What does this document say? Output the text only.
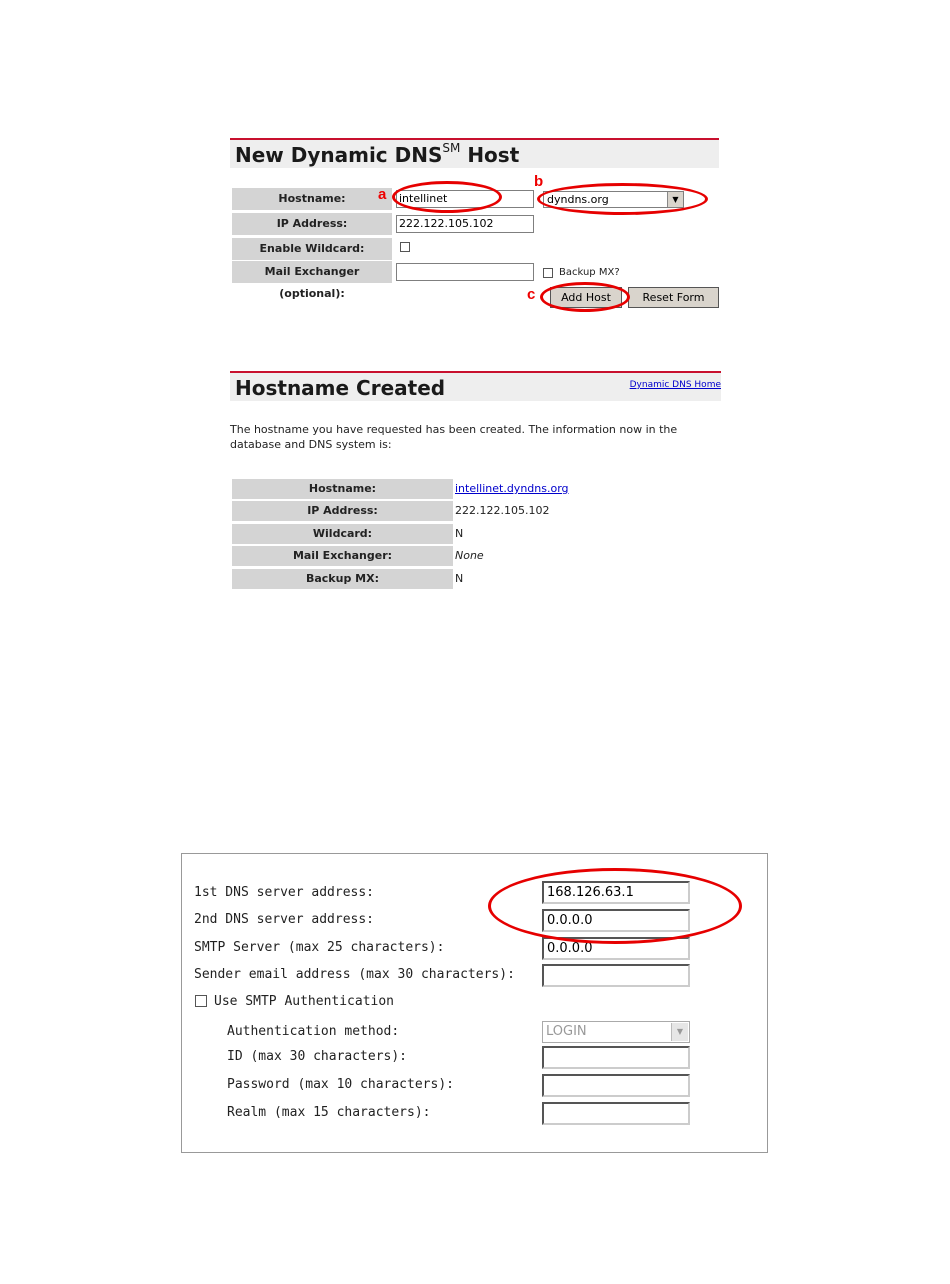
New Dynamic DNS℠ Host
Hostname:	intellinet	dyndns.org	▼
IP Address:	222.122.105.102
Enable Wildcard:
Mail Exchanger (optional):
Backup MX?
Add Host	Reset Form
a
b
c
Hostname Created	Dynamic DNS Home
The hostname you have requested has been created. The information now in the database and DNS system is:
Hostname:	intellinet.dyndns.org
IP Address:	222.122.105.102
Wildcard:	N
Mail Exchanger:	None
Backup MX:	N
1st DNS server address:	168.126.63.1
2nd DNS server address:	0.0.0.0
SMTP Server (max 25 characters):	0.0.0.0
Sender email address (max 30 characters):
Use SMTP Authentication
Authentication method:	LOGIN	▼
ID (max 30 characters):
Password (max 10 characters):
Realm (max 15 characters):
